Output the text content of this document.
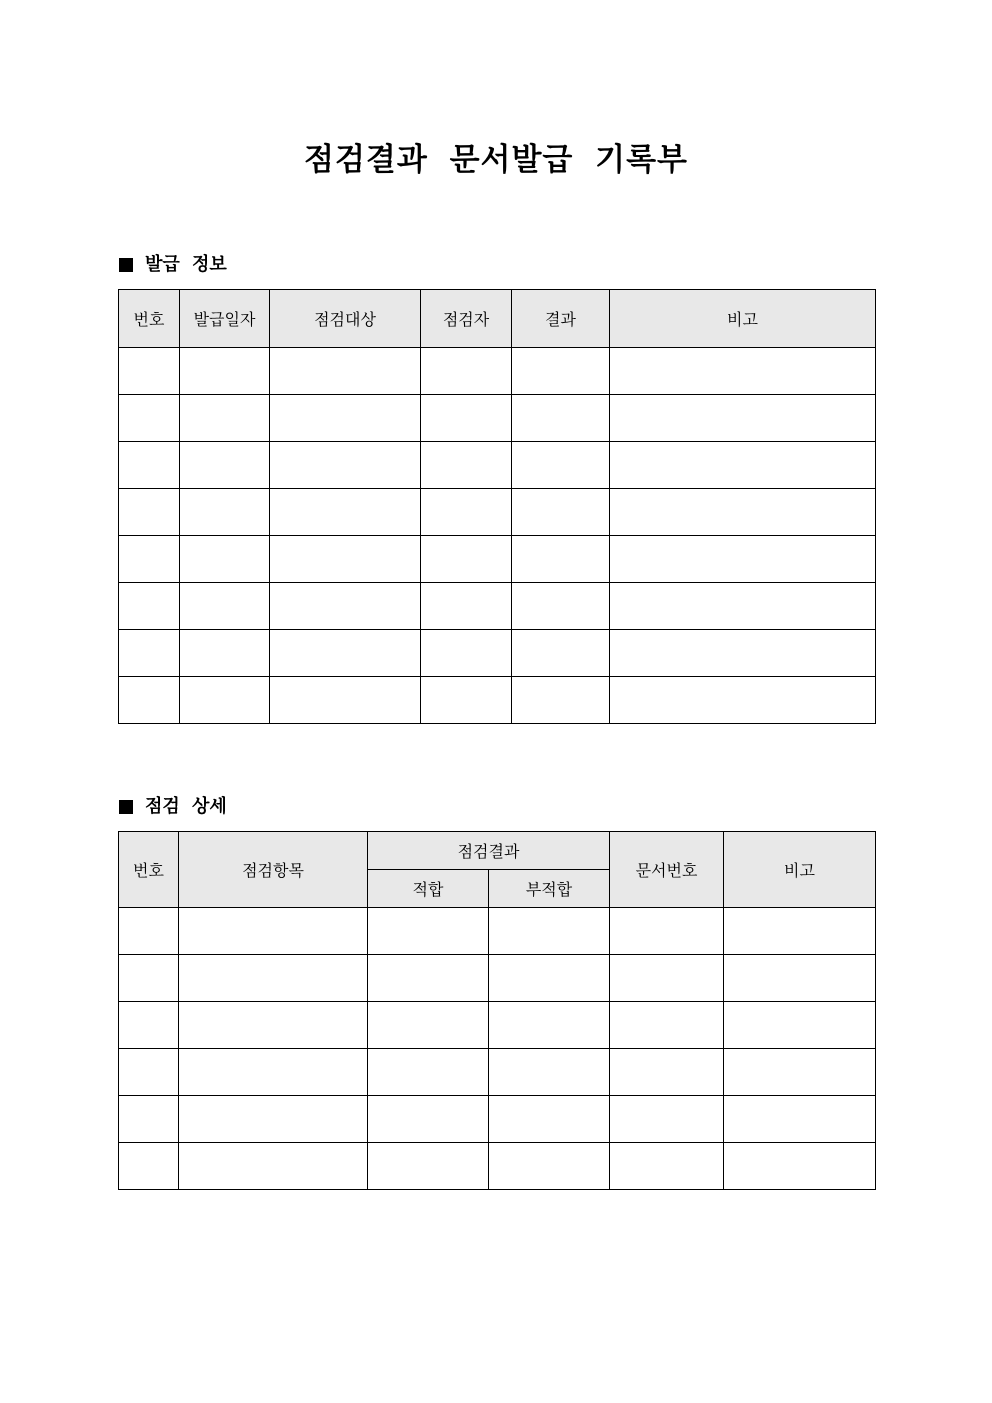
점검결과 문서발급 기록부
발급 정보
번호	발급일자	점검대상	점검자	결과	비고

점검 상세
번호	점검항목	점검결과		문서번호	비고
		적합	부적합		
